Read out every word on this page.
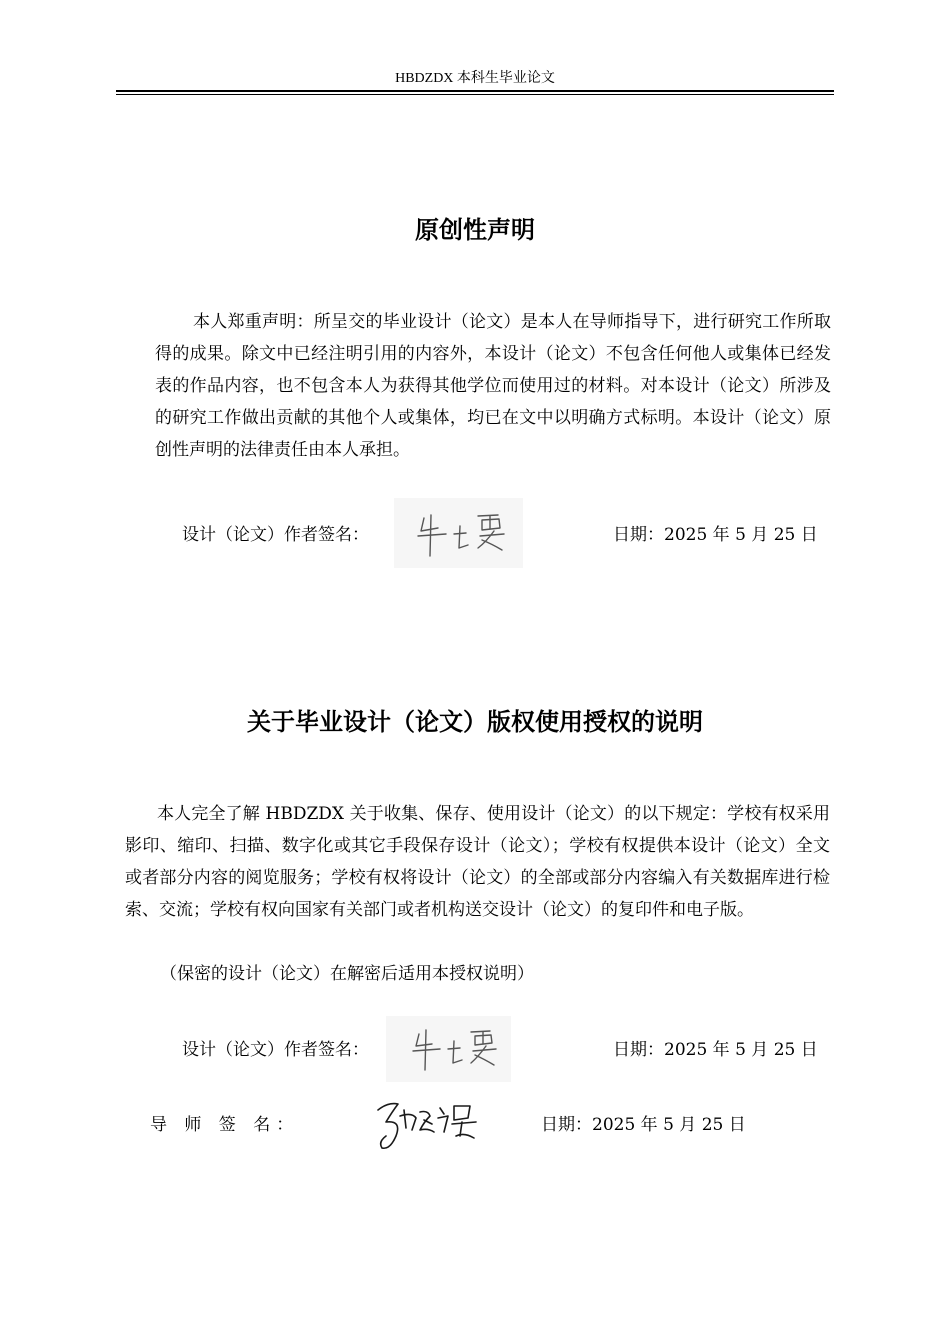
HBDZDX 本科生毕业论文
原创性声明
本人郑重声明：所呈交的毕业设计（论文）是本人在导师指导下，进行研究工作所取得的成果。除文中已经注明引用的内容外，本设计（论文）不包含任何他人或集体已经发表的作品内容，也不包含本人为获得其他学位而使用过的材料。对本设计（论文）所涉及的研究工作做出贡献的其他个人或集体，均已在文中以明确方式标明。本设计（论文）原创性声明的法律责任由本人承担。
设计（论文）作者签名：	日期：2025 年 5 月 25 日
关于毕业设计（论文）版权使用授权的说明
本人完全了解 HBDZDX 关于收集、保存、使用设计（论文）的以下规定：学校有权采用影印、缩印、扫描、数字化或其它手段保存设计（论文）；学校有权提供本设计（论文）全文或者部分内容的阅览服务；学校有权将设计（论文）的全部或部分内容编入有关数据库进行检索、交流；学校有权向国家有关部门或者机构送交设计（论文）的复印件和电子版。
（保密的设计（论文）在解密后适用本授权说明）
设计（论文）作者签名：	日期：2025 年 5 月 25 日
导 师 签 名：	日期：2025 年 5 月 25 日
